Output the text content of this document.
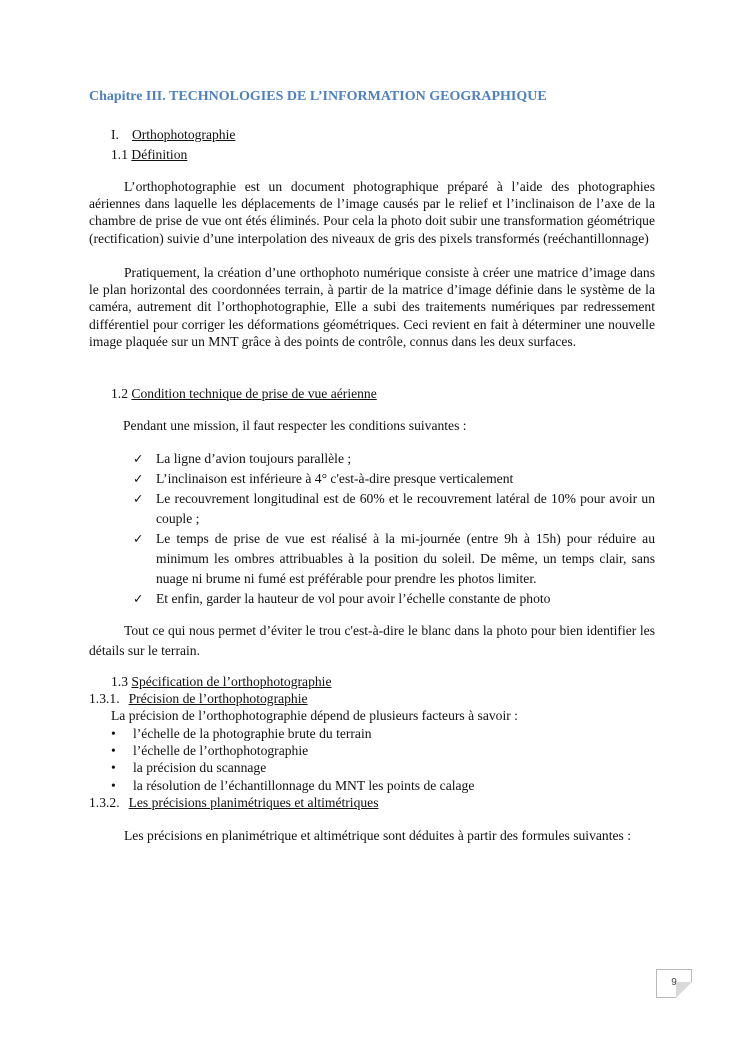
Chapitre III. TECHNOLOGIES DE L’INFORMATION GEOGRAPHIQUE
I. Orthophotographie
1.1 Définition
L’orthophotographie est un document photographique préparé à l’aide des photographies aériennes dans laquelle les déplacements de l’image causés par le relief et l’inclinaison de l’axe de la chambre de prise de vue ont étés éliminés. Pour cela la photo doit subir une transformation géométrique (rectification) suivie d’une interpolation des niveaux de gris des pixels transformés (reéchantillonnage)
Pratiquement, la création d’une orthophoto numérique consiste à créer une matrice d’image dans le plan horizontal des coordonnées terrain, à partir de la matrice d’image définie dans le système de la caméra, autrement dit l’orthophotographie, Elle a subi des traitements numériques par redressement différentiel pour corriger les déformations géométriques. Ceci revient en fait à déterminer une nouvelle image plaquée sur un MNT grâce à des points de contrôle, connus dans les deux surfaces.
1.2 Condition technique de prise de vue aérienne
Pendant une mission, il faut respecter les conditions suivantes :
✓ La ligne d’avion toujours parallèle ;
✓ L’inclinaison est inférieure à 4° c'est-à-dire presque verticalement
✓ Le recouvrement longitudinal est de 60% et le recouvrement latéral de 10% pour avoir un couple ;
✓ Le temps de prise de vue est réalisé à la mi-journée (entre 9h à 15h) pour réduire au minimum les ombres attribuables à la position du soleil. De même, un temps clair, sans nuage ni brume ni fumé est préférable pour prendre les photos limiter.
✓ Et enfin, garder la hauteur de vol pour avoir l’échelle constante de photo
Tout ce qui nous permet d’éviter le trou c'est-à-dire le blanc dans la photo pour bien identifier les détails sur le terrain.
1.3 Spécification de l’orthophotographie
1.3.1. Précision de l’orthophotographie
La précision de l’orthophotographie dépend de plusieurs facteurs à savoir :
• l’échelle de la photographie brute du terrain
• l’échelle de l’orthophotographie
• la précision du scannage
• la résolution de l’échantillonnage du MNT les points de calage
1.3.2. Les précisions planimétriques et altimétriques
Les précisions en planimétrique et altimétrique sont déduites à partir des formules suivantes :
9
